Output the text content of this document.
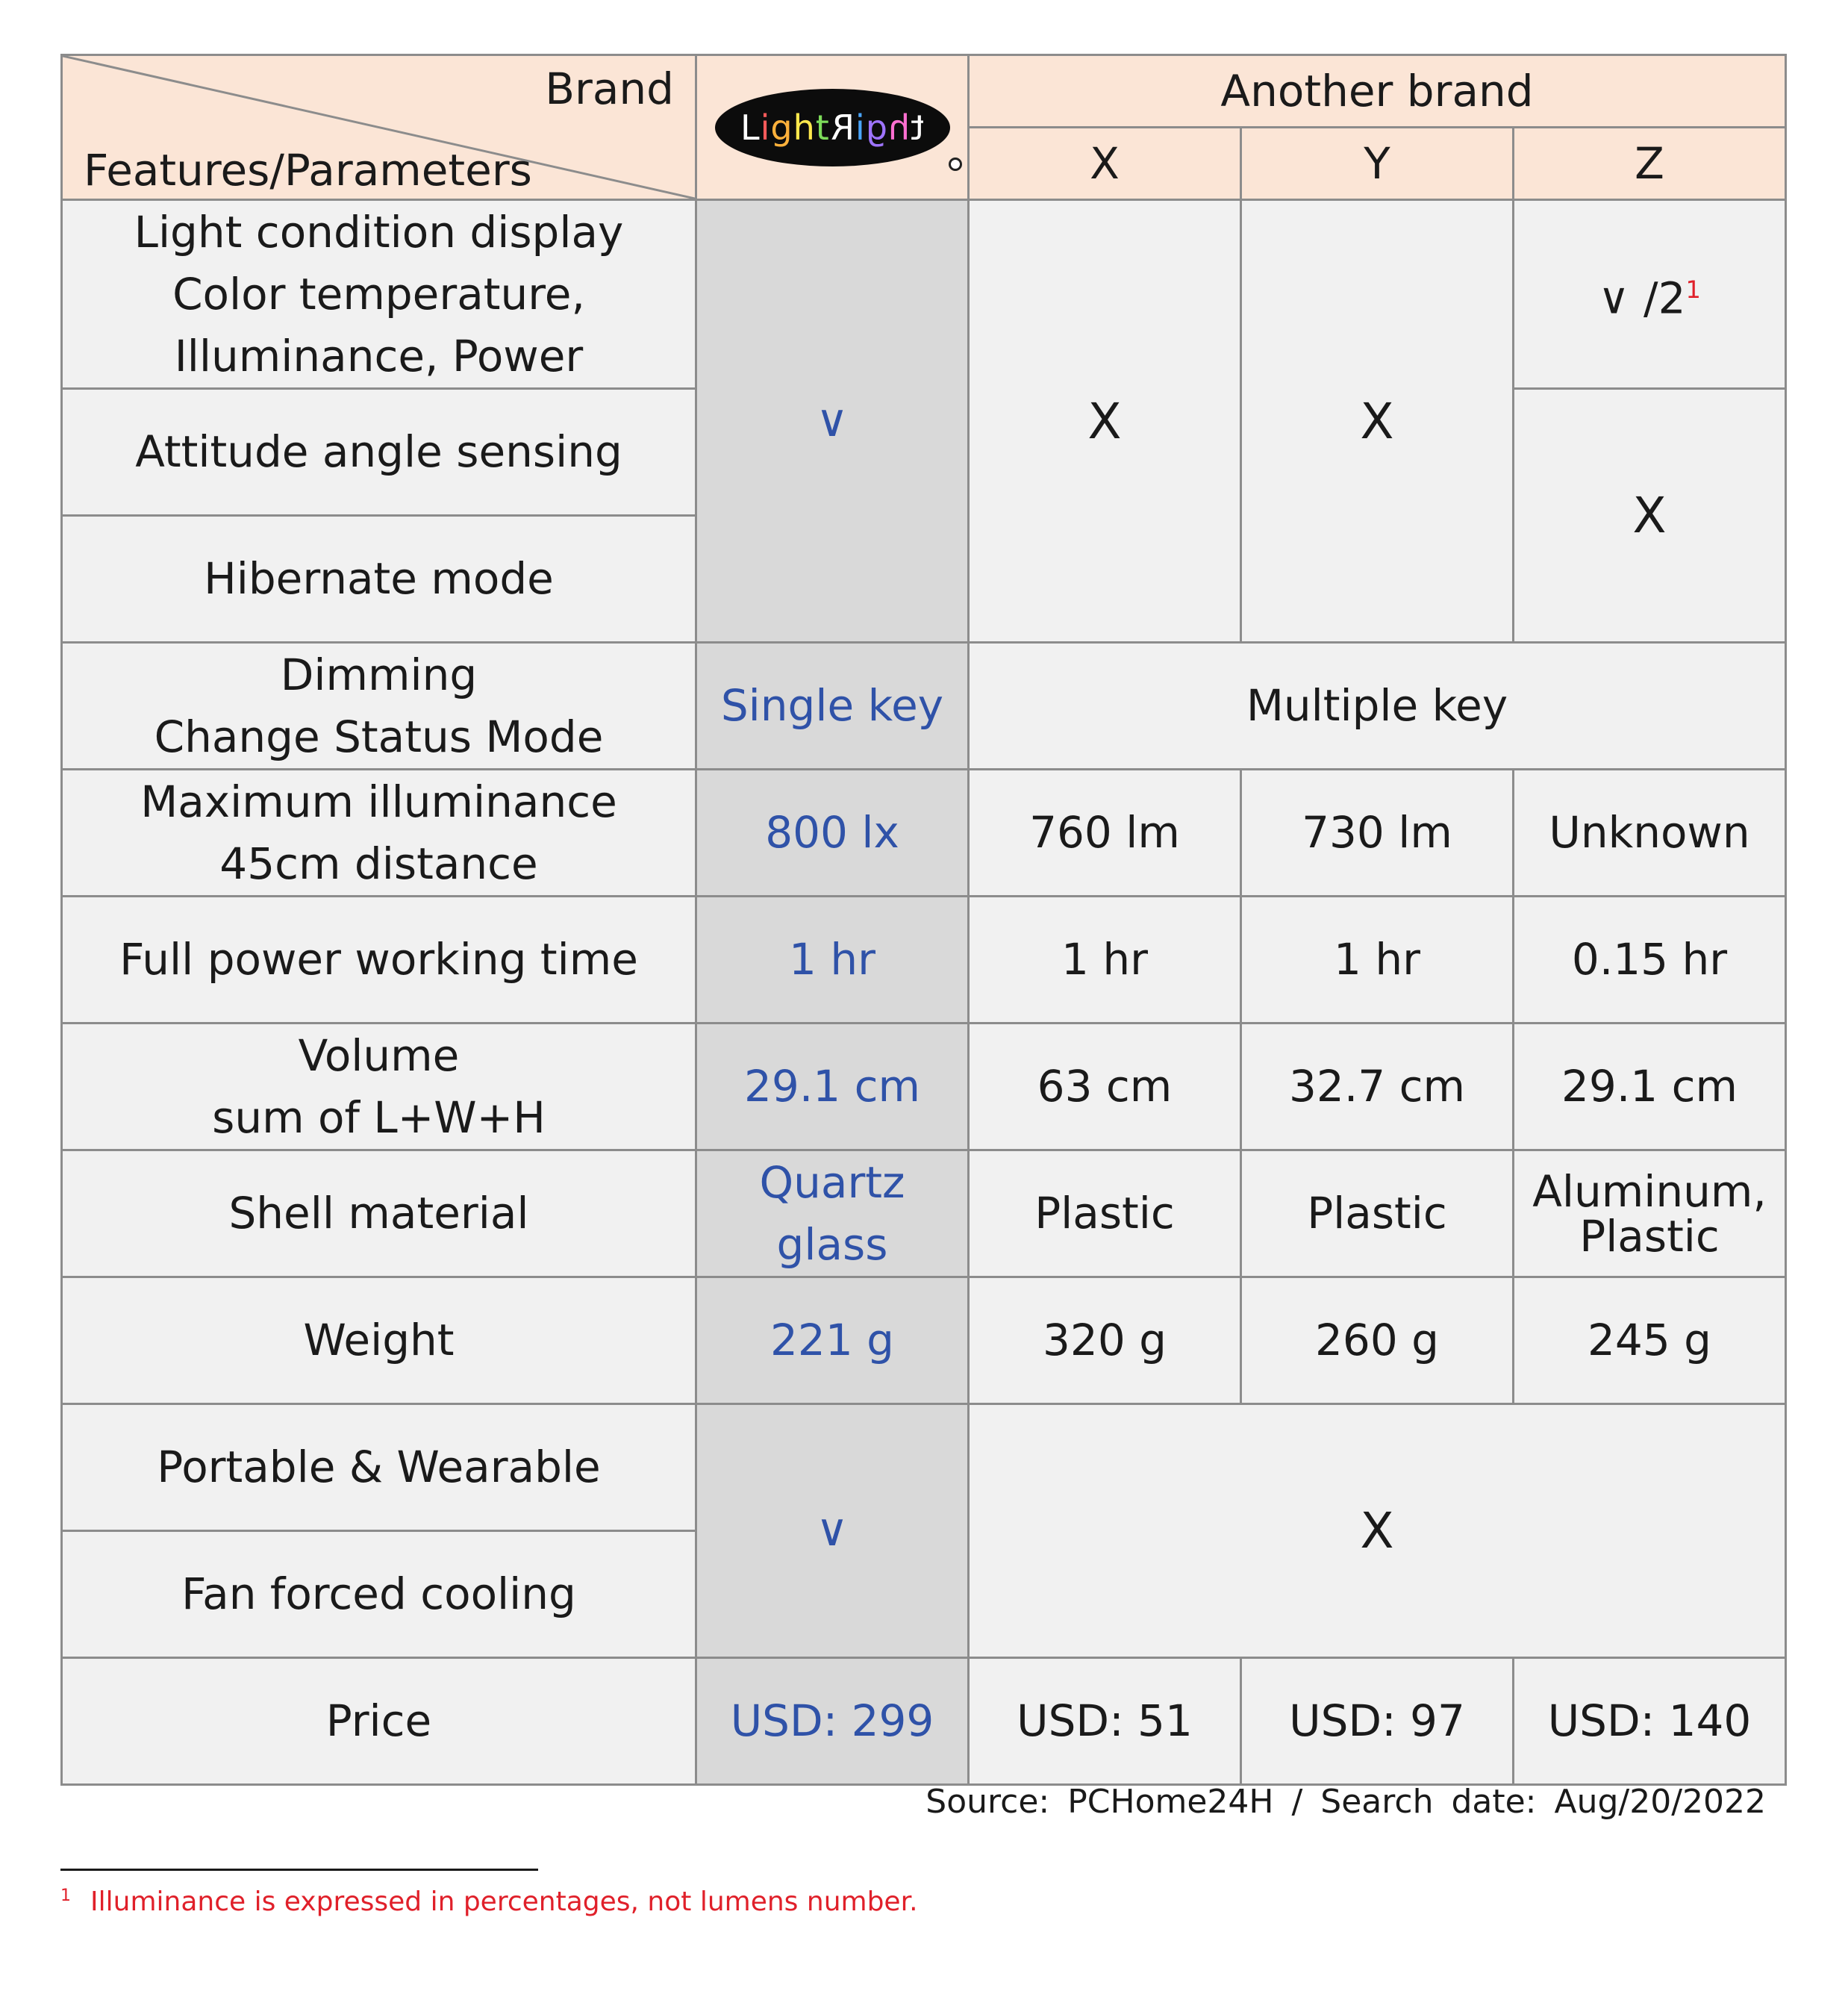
Brand
Features/Parameters	Light thgiR	Another brand		
		X	Y	Z
Light condition display
Color temperature,
Illuminance, Power	∨	X	X	∨ /2$^1$
Attitude angle sensing				X
Hibernate mode				
Dimming
Change Status Mode	Single key	Multiple key		
Maximum illuminance
45cm distance	800 lx	760 lm	730 lm	Unknown
Full power working time	1 hr	1 hr	1 hr	0.15 hr
Volume
sum of L+W+H	29.1 cm	63 cm	32.7 cm	29.1 cm
Shell material	Quartz glass	Plastic	Plastic	Aluminum,
Plastic
Weight	221 g	320 g	260 g	245 g
Portable & Wearable	∨	X		
Fan forced cooling				
Price	USD: 299	USD: 51	USD: 97	USD: 140
Source: PCHome24H / Search date: Aug/20/2022
$^1$ Illuminance is expressed in percentages, not lumens number.
